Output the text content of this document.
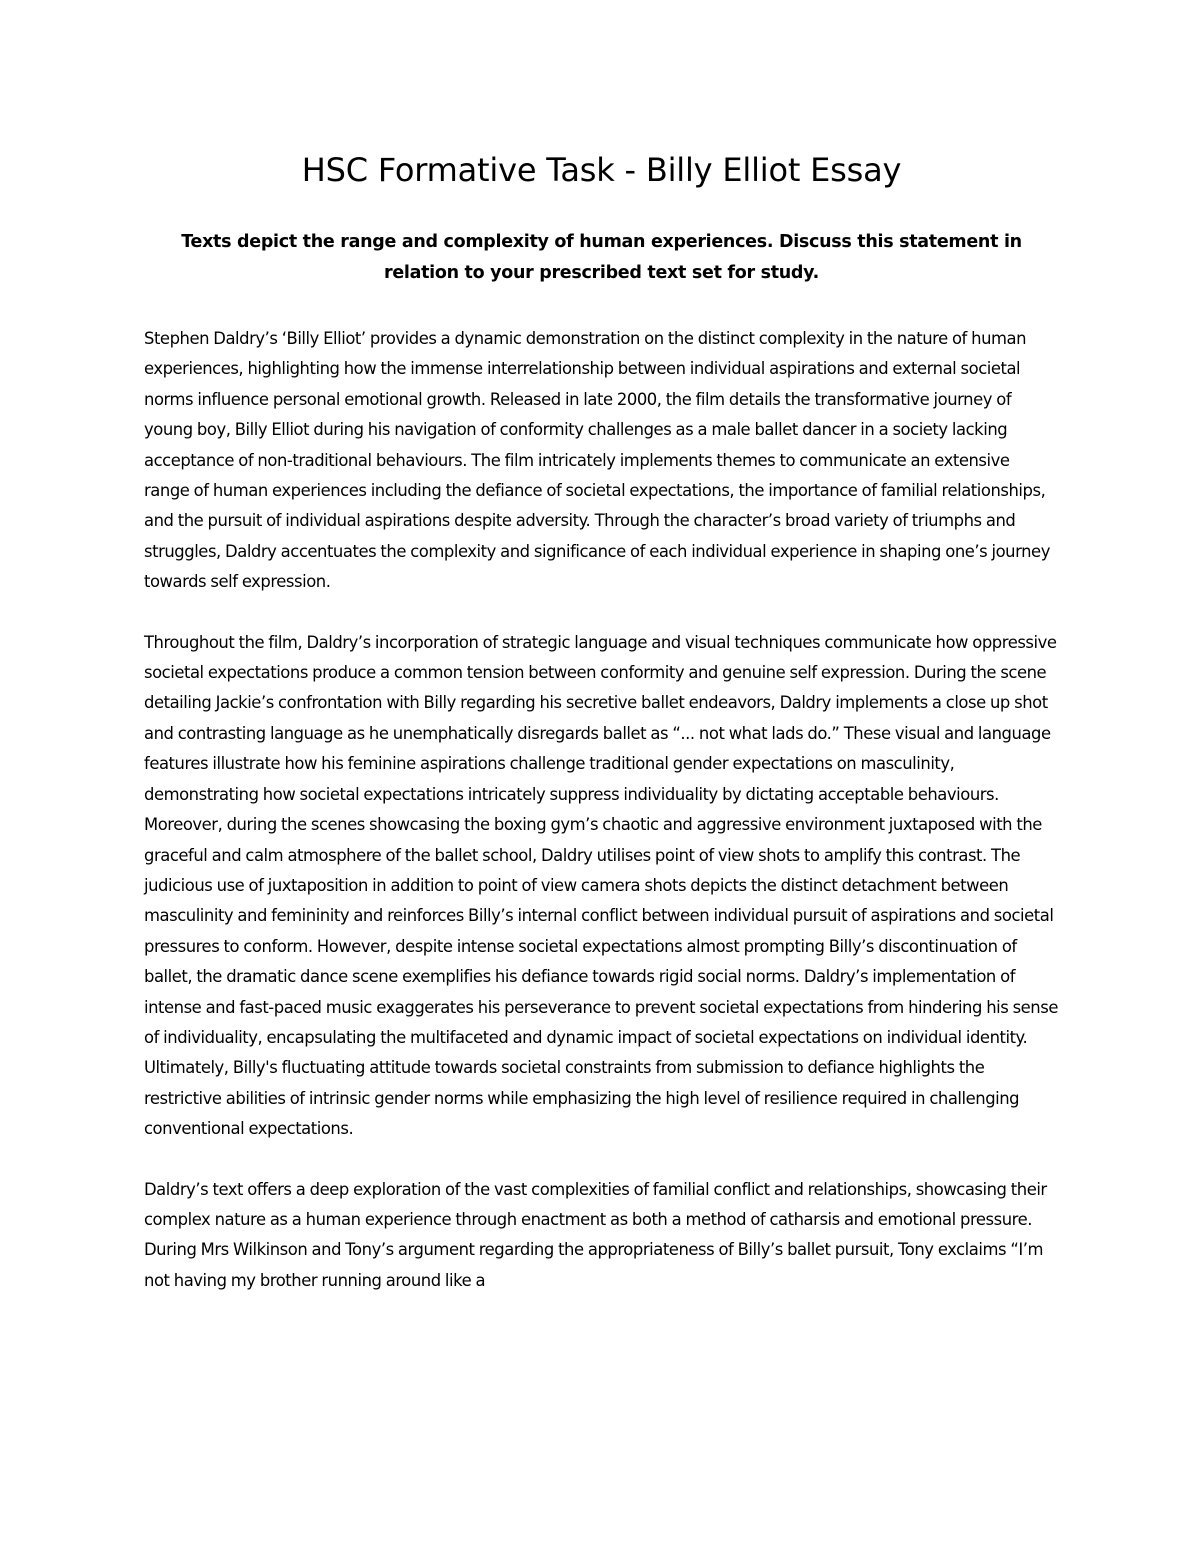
HSC Formative Task - Billy Elliot Essay

Texts depict the range and complexity of human experiences. Discuss this statement in relation to your prescribed text set for study.

Stephen Daldry’s ‘Billy Elliot’ provides a dynamic demonstration on the distinct complexity in the nature of human experiences, highlighting how the immense interrelationship between individual aspirations and external societal norms influence personal emotional growth. Released in late 2000, the film details the transformative journey of young boy, Billy Elliot during his navigation of conformity challenges as a male ballet dancer in a society lacking acceptance of non-traditional behaviours. The film intricately implements themes to communicate an extensive range of human experiences including the defiance of societal expectations, the importance of familial relationships, and the pursuit of individual aspirations despite adversity. Through the character’s broad variety of triumphs and struggles, Daldry accentuates the complexity and significance of each individual experience in shaping one’s journey towards self expression.

Throughout the film, Daldry’s incorporation of strategic language and visual techniques communicate how oppressive societal expectations produce a common tension between conformity and genuine self expression. During the scene detailing Jackie’s confrontation with Billy regarding his secretive ballet endeavors, Daldry implements a close up shot and contrasting language as he unemphatically disregards ballet as “... not what lads do.” These visual and language features illustrate how his feminine aspirations challenge traditional gender expectations on masculinity, demonstrating how societal expectations intricately suppress individuality by dictating acceptable behaviours. Moreover, during the scenes showcasing the boxing gym’s chaotic and aggressive environment juxtaposed with the graceful and calm atmosphere of the ballet school, Daldry utilises point of view shots to amplify this contrast. The judicious use of juxtaposition in addition to point of view camera shots depicts the distinct detachment between masculinity and femininity and reinforces Billy’s internal conflict between individual pursuit of aspirations and societal pressures to conform. However, despite intense societal expectations almost prompting Billy’s discontinuation of ballet, the dramatic dance scene exemplifies his defiance towards rigid social norms. Daldry’s implementation of intense and fast-paced music exaggerates his perseverance to prevent societal expectations from hindering his sense of individuality, encapsulating the multifaceted and dynamic impact of societal expectations on individual identity. Ultimately, Billy's fluctuating attitude towards societal constraints from submission to defiance highlights the restrictive abilities of intrinsic gender norms while emphasizing the high level of resilience required in challenging conventional expectations.

Daldry’s text offers a deep exploration of the vast complexities of familial conflict and relationships, showcasing their complex nature as a human experience through enactment as both a method of catharsis and emotional pressure. During Mrs Wilkinson and Tony’s argument regarding the appropriateness of Billy’s ballet pursuit, Tony exclaims “I’m not having my brother running around like a
